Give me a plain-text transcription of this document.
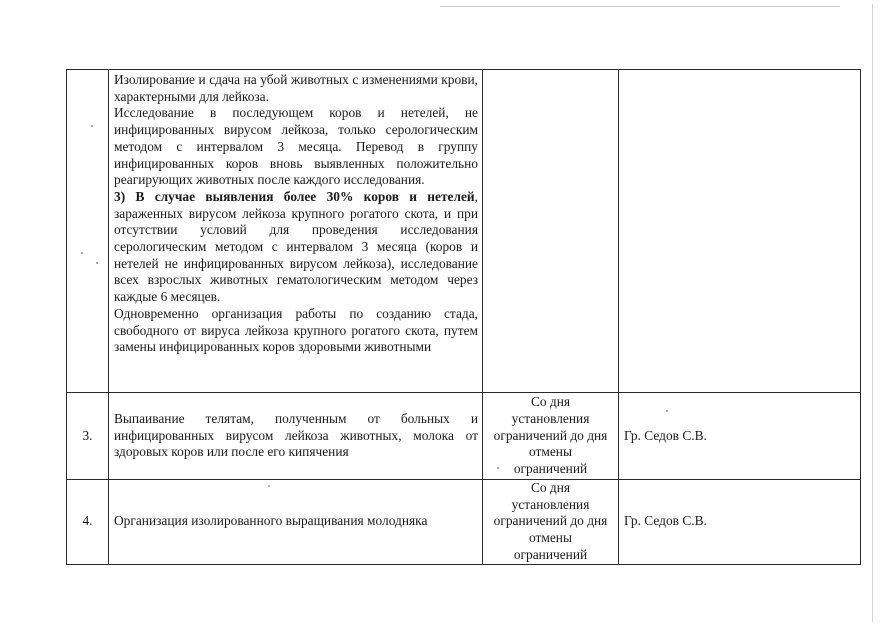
	Изолирование и сдача на убой животных с изменениями крови, характерными для лейкоза.

Исследование в последующем коров и нетелей, не инфицированных вирусом лейкоза, только серологическим методом с интервалом 3 месяца. Перевод в группу инфицированных коров вновь выявленных положительно реагирующих животных после каждого исследования.

3) В случае выявления более 30% коров и нетелей, зараженных вирусом лейкоза крупного рогатого скота, и при отсутствии условий для проведения исследования серологическим методом с интервалом 3 месяца (коров и нетелей не инфицированных вирусом лейкоза), исследование всех взрослых животных гематологическим методом через каждые 6 месяцев.

Одновременно организация работы по созданию стада, свободного от вируса лейкоза крупного рогатого скота, путем замены инфицированных коров здоровыми животными		

3.	Выпаивание телятам, полученным от больных и инфицированных вирусом лейкоза животных, молока от здоровых коров или после его кипячения	Со дня
установления
ограничений до дня
отмены
ограничений	Гр. Седов С.В.
4.	Организация изолированного выращивания молодняка	Со дня
установления
ограничений до дня
отмены
ограничений	Гр. Седов С.В.
